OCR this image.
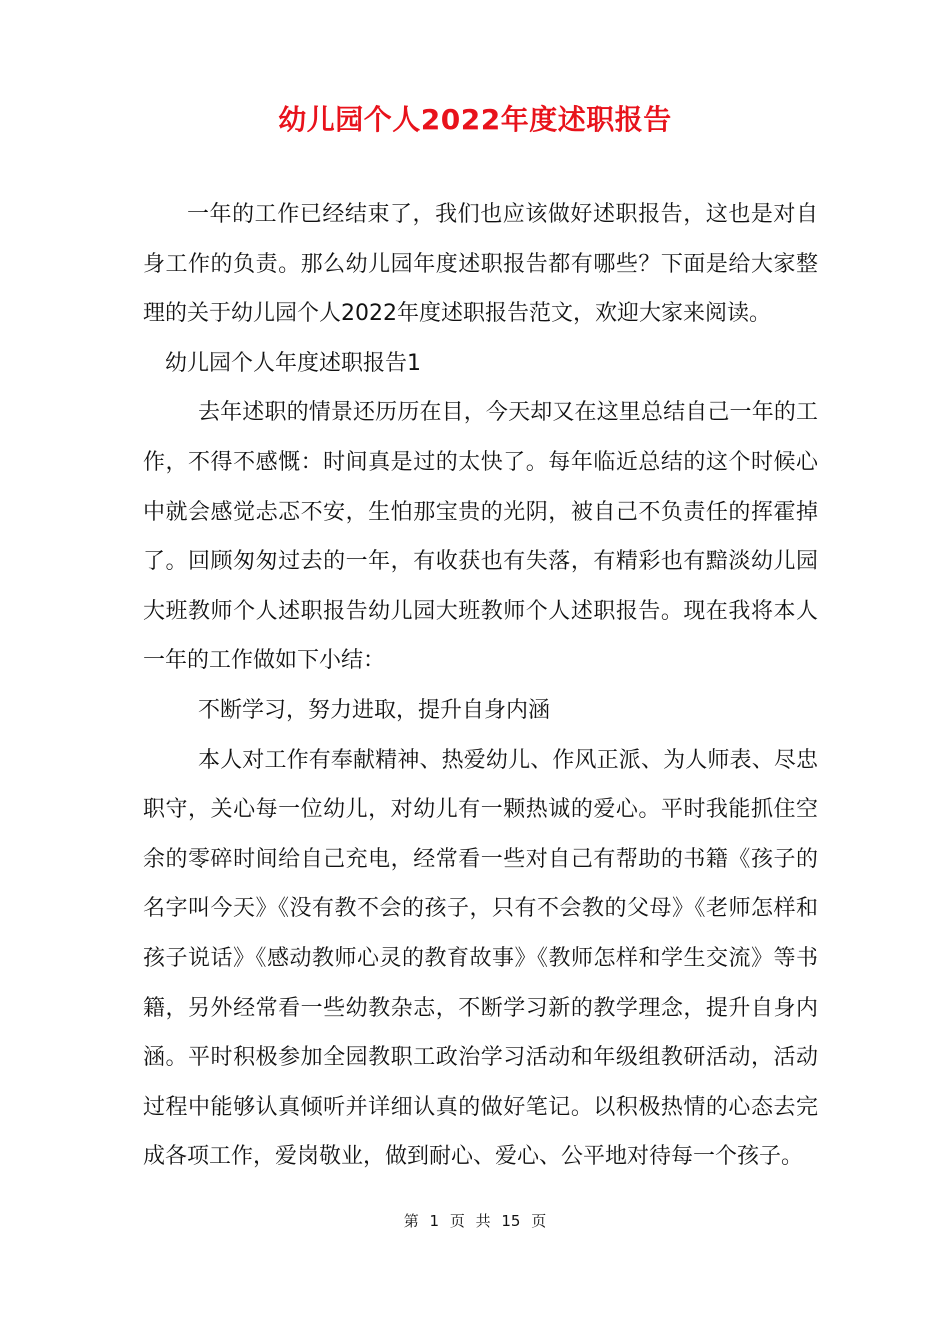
幼儿园个人2022年度述职报告

一年的工作已经结束了，我们也应该做好述职报告，这也是对自身工作的负责。那么幼儿园年度述职报告都有哪些？下面是给大家整理的关于幼儿园个人2022年度述职报告范文，欢迎大家来阅读。

幼儿园个人年度述职报告1

去年述职的情景还历历在目，今天却又在这里总结自己一年的工作，不得不感慨：时间真是过的太快了。每年临近总结的这个时候心中就会感觉忐忑不安，生怕那宝贵的光阴，被自己不负责任的挥霍掉了。回顾匆匆过去的一年，有收获也有失落，有精彩也有黯淡幼儿园大班教师个人述职报告幼儿园大班教师个人述职报告。现在我将本人一年的工作做如下小结：

不断学习，努力进取，提升自身内涵

本人对工作有奉献精神、热爱幼儿、作风正派、为人师表、尽忠职守，关心每一位幼儿，对幼儿有一颗热诚的爱心。平时我能抓住空余的零碎时间给自己充电，经常看一些对自己有帮助的书籍《孩子的名字叫今天》《没有教不会的孩子，只有不会教的父母》《老师怎样和孩子说话》《感动教师心灵的教育故事》《教师怎样和学生交流》等书籍，另外经常看一些幼教杂志，不断学习新的教学理念，提升自身内涵。平时积极参加全园教职工政治学习活动和年级组教研活动，活动过程中能够认真倾听并详细认真的做好笔记。以积极热情的心态去完成各项工作，爱岗敬业，做到耐心、爱心、公平地对待每一个孩子。

第 1 页 共 15 页
